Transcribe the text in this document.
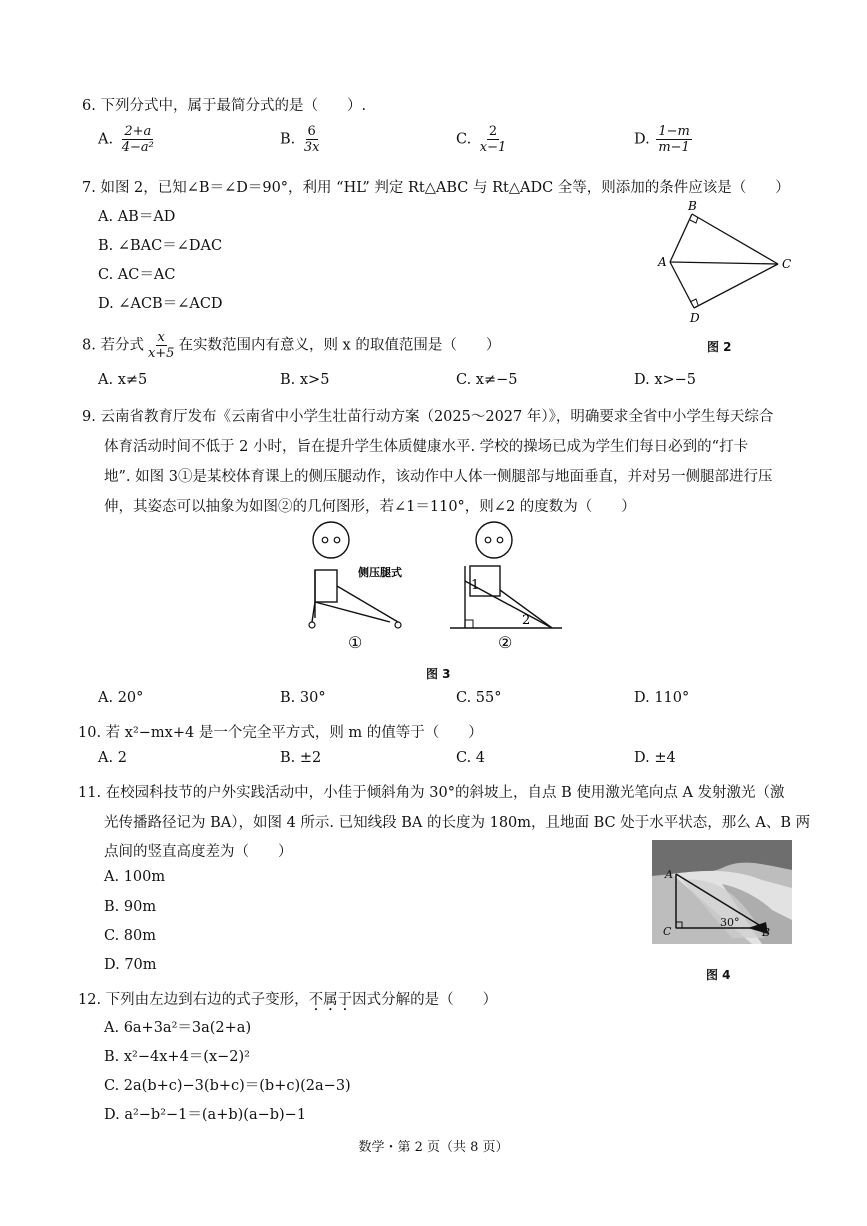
6. 下列分式中，属于最简分式的是（　　）.
A. $\frac{2+a}{\text{4−a²}}$	B. $\frac{6}{3x}$	C. $\frac{2}{x-1}$	D. $\frac{1-m}{m-1}$
7. 如图 2，已知∠B＝∠D＝90°，利用 “HL” 判定 Rt△ABC 与 Rt△ADC 全等，则添加的条件应该是（　　）
A. AB＝AD
B. ∠BAC＝∠DAC
C. AC＝AC
D. ∠ACB＝∠ACD
B
A	C
D
图 2
8. 若分式 $\frac{x}{x+5}$ 在实数范围内有意义，则 x 的取值范围是（　　）
A. x≠5	B. x>5	C. x≠−5	D. x>−5
9. 云南省教育厅发布《云南省中小学生壮苗行动方案（2025～2027 年）》，明确要求全省中小学生每天综合
体育活动时间不低于 2 小时，旨在提升学生体质健康水平. 学校的操场已成为学生们每日必到的“打卡
地”. 如图 3①是某校体育课上的侧压腿动作，该动作中人体一侧腿部与地面垂直，并对另一侧腿部进行压
伸，其姿态可以抽象为如图②的几何图形，若∠1＝110°，则∠2 的度数为（　　）
侧压腿式
①
1
2
②
图 3
A. 20°	B. 30°	C. 55°	D. 110°
10. 若 x²−mx+4 是一个完全平方式，则 m 的值等于（　　）
A. 2	B. ±2	C. 4	D. ±4
11. 在校园科技节的户外实践活动中，小佳于倾斜角为 30°的斜坡上，自点 B 使用激光笔向点 A 发射激光（激
光传播路径记为 BA），如图 4 所示. 已知线段 BA 的长度为 180m，且地面 BC 处于水平状态，那么 A、B 两
点间的竖直高度差为（　　）
A. 100m
B. 90m
C. 80m
D. 70m
A
C	B
30°
图 4
12. 下列由左边到右边的式子变形，不属于因式分解的是（　　）
A. 6a+3a²＝3a(2+a)
B. x²−4x+4＝(x−2)²
C. 2a(b+c)−3(b+c)＝(b+c)(2a−3)
D. a²−b²−1＝(a+b)(a−b)−1
数学・第 2 页（共 8 页）
